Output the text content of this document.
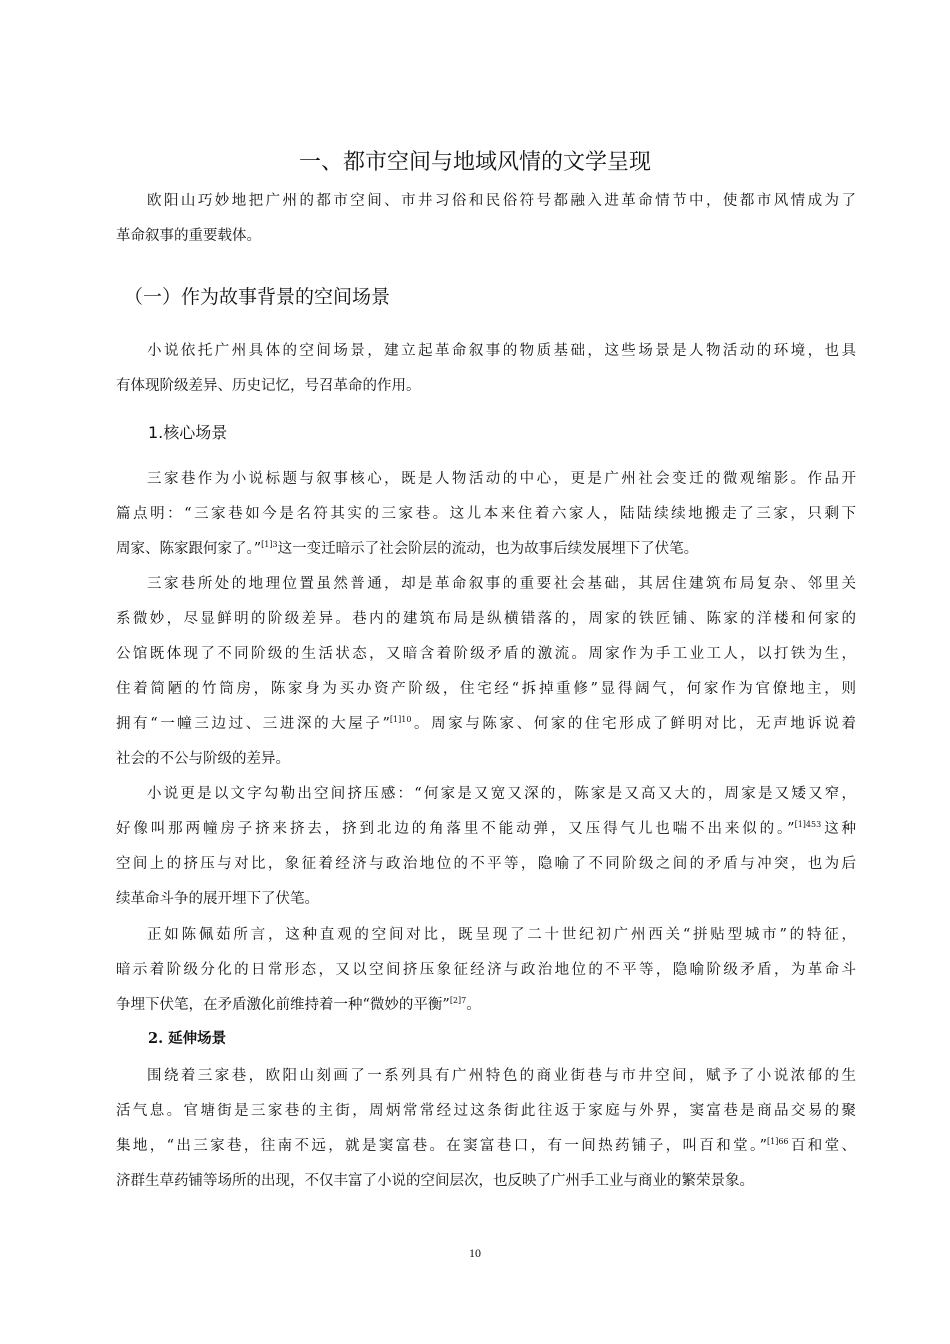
一、都市空间与地域风情的文学呈现
欧阳山巧妙地把广州的都市空间、市井习俗和民俗符号都融入进革命情节中，使都市风情成为了
革命叙事的重要载体。
（一）作为故事背景的空间场景
小说依托广州具体的空间场景，建立起革命叙事的物质基础，这些场景是人物活动的环境，也具
有体现阶级差异、历史记忆，号召革命的作用。
1.核心场景
三家巷作为小说标题与叙事核心，既是人物活动的中心，更是广州社会变迁的微观缩影。作品开
篇点明：“三家巷如今是名符其实的三家巷。这儿本来住着六家人，陆陆续续地搬走了三家，只剩下
周家、陈家跟何家了。”$^{[1]3}$这一变迁暗示了社会阶层的流动，也为故事后续发展埋下了伏笔。
三家巷所处的地理位置虽然普通，却是革命叙事的重要社会基础，其居住建筑布局复杂、邻里关
系微妙，尽显鲜明的阶级差异。巷内的建筑布局是纵横错落的，周家的铁匠铺、陈家的洋楼和何家的
公馆既体现了不同阶级的生活状态，又暗含着阶级矛盾的激流。周家作为手工业工人，以打铁为生，
住着简陋的竹筒房，陈家身为买办资产阶级，住宅经“拆掉重修”显得阔气，何家作为官僚地主，则
拥有“一幢三边过、三进深的大屋子”$^{[1]10}$。周家与陈家、何家的住宅形成了鲜明对比，无声地诉说着
社会的不公与阶级的差异。
小说更是以文字勾勒出空间挤压感：“何家是又宽又深的，陈家是又高又大的，周家是又矮又窄，
好像叫那两幢房子挤来挤去，挤到北边的角落里不能动弹，又压得气儿也喘不出来似的。”$^{[1]453}$这种
空间上的挤压与对比，象征着经济与政治地位的不平等，隐喻了不同阶级之间的矛盾与冲突，也为后
续革命斗争的展开埋下了伏笔。
正如陈佩茹所言，这种直观的空间对比，既呈现了二十世纪初广州西关“拼贴型城市”的特征，
暗示着阶级分化的日常形态，又以空间挤压象征经济与政治地位的不平等，隐喻阶级矛盾，为革命斗
争埋下伏笔，在矛盾激化前维持着一种“微妙的平衡”$^{[2]7}$。
2. 延伸场景
围绕着三家巷，欧阳山刻画了一系列具有广州特色的商业街巷与市井空间，赋予了小说浓郁的生
活气息。官塘街是三家巷的主街，周炳常常经过这条街此往返于家庭与外界，窦富巷是商品交易的聚
集地，“出三家巷，往南不远，就是窦富巷。在窦富巷口，有一间热药铺子，叫百和堂。”$^{[1]66}$百和堂、
济群生草药铺等场所的出现，不仅丰富了小说的空间层次，也反映了广州手工业与商业的繁荣景象。
10
